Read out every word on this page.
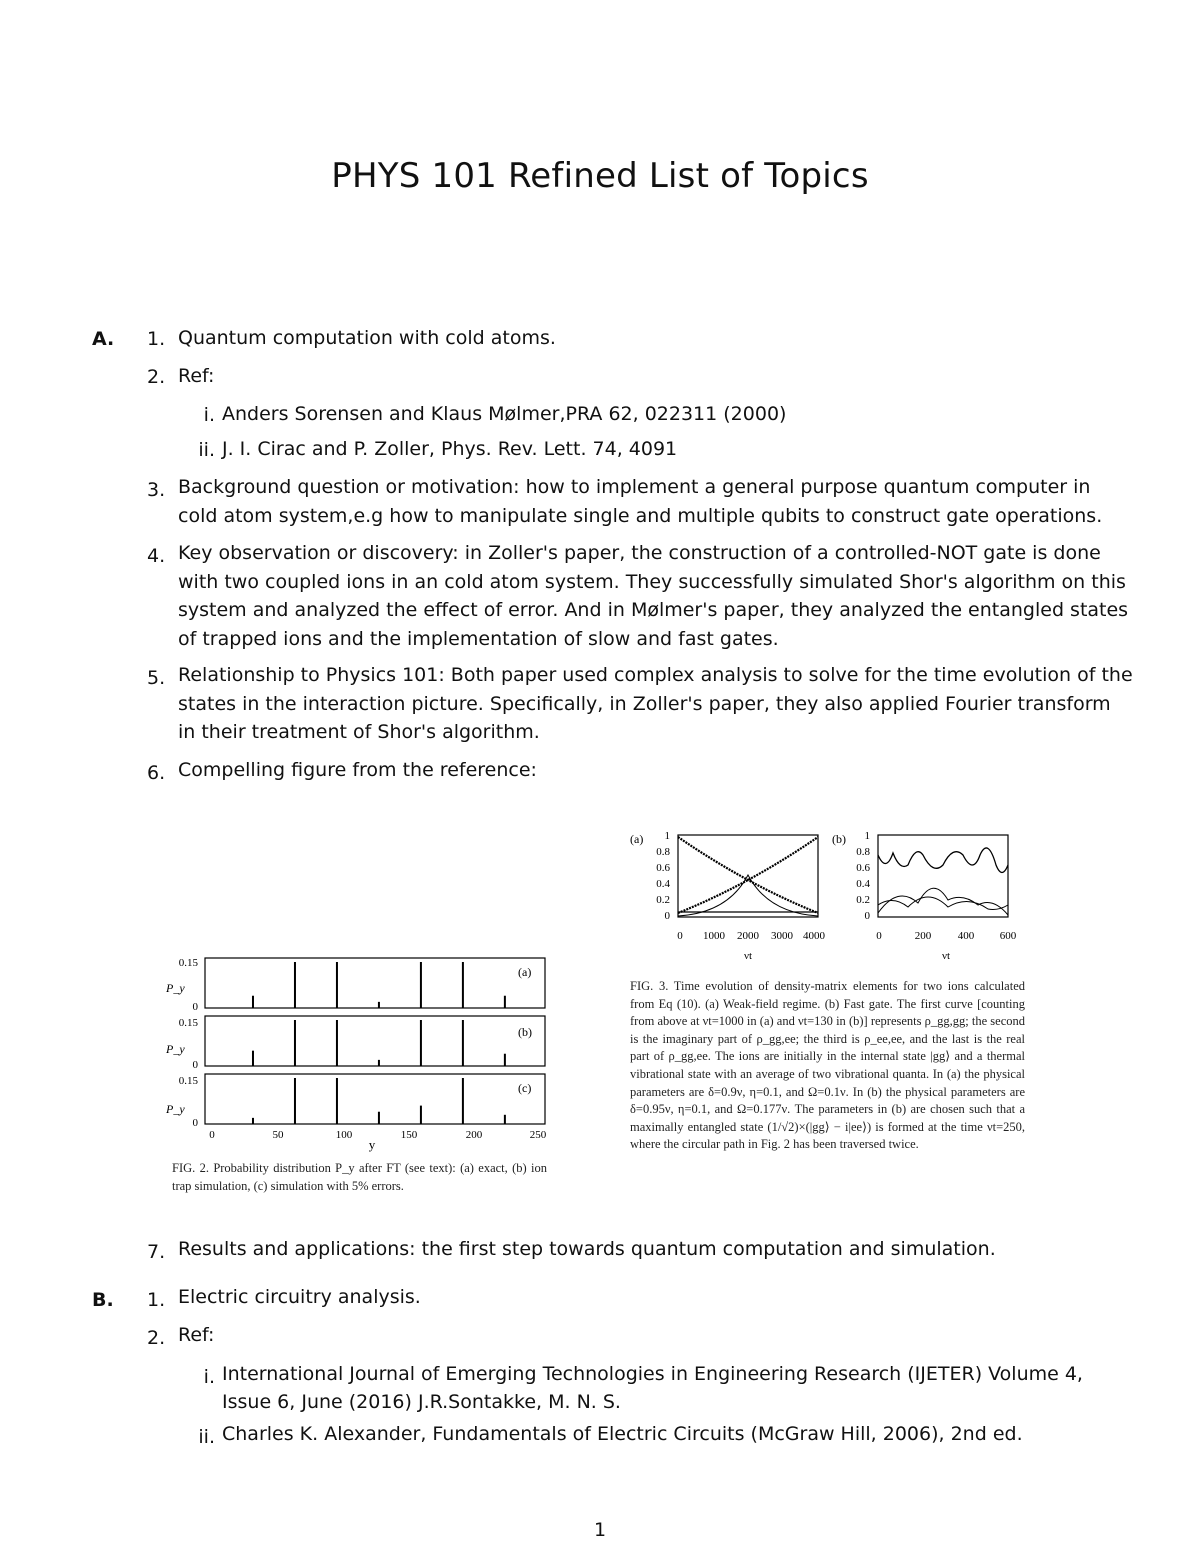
PHYS 101 Refined List of Topics
A. 1. Quantum computation with cold atoms.
2. Ref:
i. Anders Sorensen and Klaus Mølmer,PRA 62, 022311 (2000)
ii. J. I. Cirac and P. Zoller, Phys. Rev. Lett. 74, 4091
3. Background question or motivation: how to implement a general purpose quantum computer in cold atom system,e.g how to manipulate single and multiple qubits to construct gate operations.
4. Key observation or discovery: in Zoller's paper, the construction of a controlled-NOT gate is done with two coupled ions in an cold atom system. They successfully simulated Shor's algorithm on this system and analyzed the effect of error. And in Mølmer's paper, they analyzed the entangled states of trapped ions and the implementation of slow and fast gates.
5. Relationship to Physics 101: Both paper used complex analysis to solve for the time evolution of the states in the interaction picture. Specifically, in Zoller's paper, they also applied Fourier transform in their treatment of Shor's algorithm.
6. Compelling figure from the reference:
(a) 1
0.8
0.6
0.4
0.2
0
0 1000 2000 3000 4000
νt
(b) 1
0.8
0.6
0.4
0.2
0
0	200 400 600
νt
FIG. 3. Time evolution of density-matrix elements for two ions calculated from Eq (10). (a) Weak-field regime. (b) Fast gate. The first curve [counting from above at νt=1000 in (a) and νt=130 in (b)] represents ρ_gg,gg; the second is the imaginary part of ρ_gg,ee; the third is ρ_ee,ee, and the last is the real part of ρ_gg,ee. The ions are initially in the internal state |gg⟩ and a thermal vibrational state with an average of two vibrational quanta. In (a) the physical parameters are δ=0.9ν, η=0.1, and Ω=0.1ν. In (b) the physical parameters are δ=0.95ν, η=0.1, and Ω=0.177ν. The parameters in (b) are chosen such that a maximally entangled state (1/√2)×(|gg⟩ − i|ee⟩) is formed at the time νt=250, where the circular path in Fig. 2 has been traversed twice.
P_y
P_y
P_y
0.15
0
0.15
0
0.15
0
(a)
(b)
(c)
0	50	100	150	200	250
y
FIG. 2. Probability distribution P_y after FT (see text): (a) exact, (b) ion trap simulation, (c) simulation with 5% errors.
7. Results and applications: the first step towards quantum computation and simulation.
B. 1. Electric circuitry analysis.
2. Ref:
i. International Journal of Emerging Technologies in Engineering Research (IJETER) Volume 4, Issue 6, June (2016) J.R.Sontakke, M. N. S.
ii. Charles K. Alexander, Fundamentals of Electric Circuits (McGraw Hill, 2006), 2nd ed.
1
